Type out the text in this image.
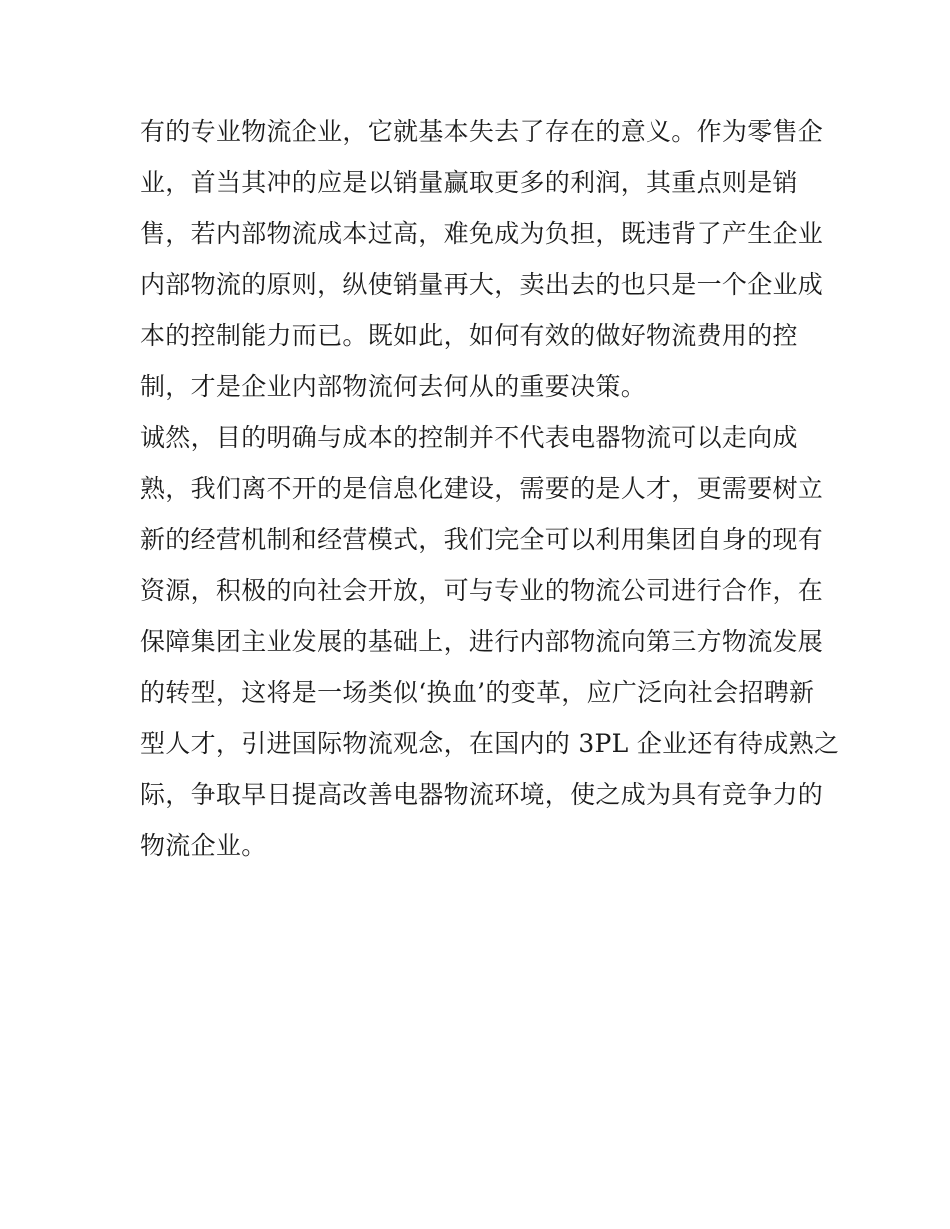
有的专业物流企业，它就基本失去了存在的意义。作为零售企
业，首当其冲的应是以销量赢取更多的利润，其重点则是销
售，若内部物流成本过高，难免成为负担，既违背了产生企业
内部物流的原则，纵使销量再大，卖出去的也只是一个企业成
本的控制能力而已。既如此，如何有效的做好物流费用的控
制，才是企业内部物流何去何从的重要决策。
诚然，目的明确与成本的控制并不代表电器物流可以走向成
熟，我们离不开的是信息化建设，需要的是人才，更需要树立
新的经营机制和经营模式，我们完全可以利用集团自身的现有
资源，积极的向社会开放，可与专业的物流公司进行合作，在
保障集团主业发展的基础上，进行内部物流向第三方物流发展
的转型，这将是一场类似‘换血’的变革，应广泛向社会招聘新
型人才，引进国际物流观念，在国内的 3PL 企业还有待成熟之
际，争取早日提高改善电器物流环境，使之成为具有竞争力的
物流企业。
